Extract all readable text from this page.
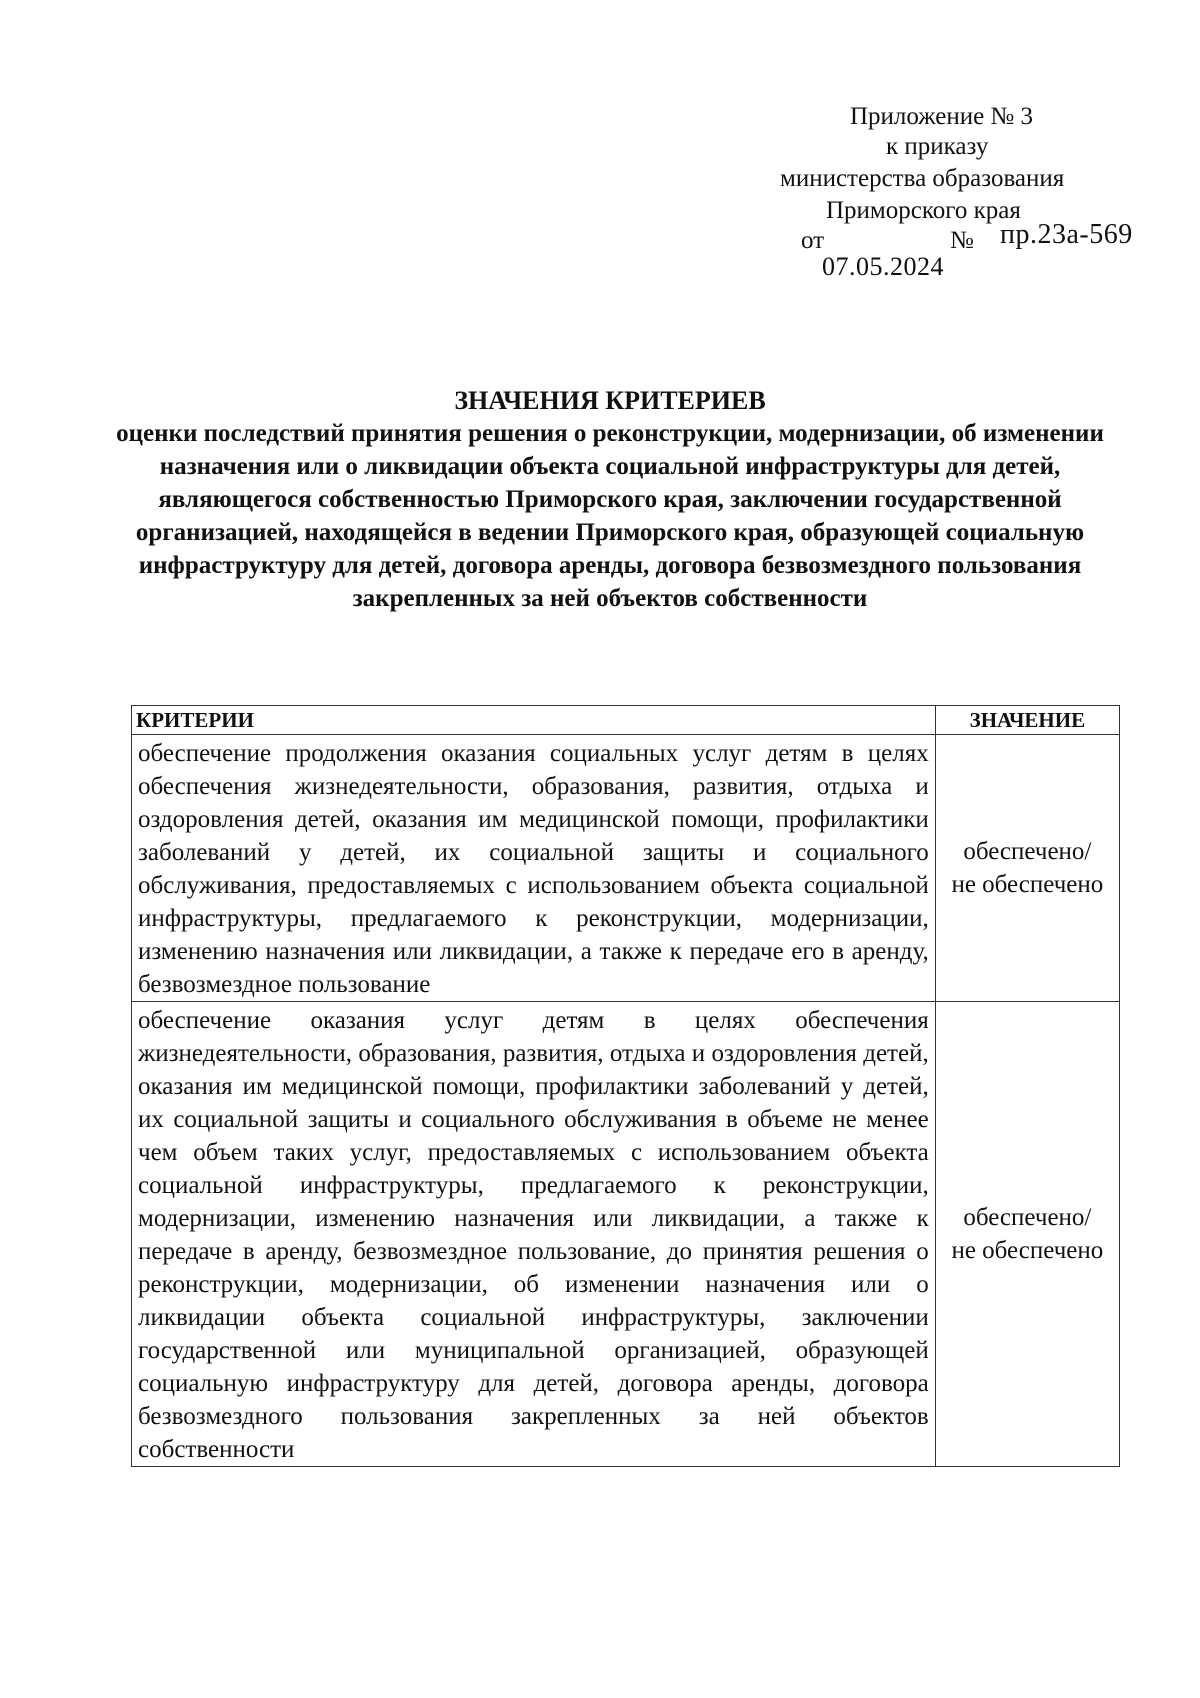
Приложение № 3
к приказу
министерства образования
Приморского края
от	№ пр.23а-569
07.05.2024
ЗНАЧЕНИЯ КРИТЕРИЕВ
оценки последствий принятия решения о реконструкции, модернизации, об изменении назначения или о ликвидации объекта социальной инфраструктуры для детей, являющегося собственностью Приморского края, заключении государственной организацией, находящейся в ведении Приморского края, образующей социальную инфраструктуру для детей, договора аренды, договора безвозмездного пользования закрепленных за ней объектов собственности
КРИТЕРИИ	ЗНАЧЕНИЕ
обеспечение продолжения оказания социальных услуг детям в целях обеспечения жизнедеятельности, образования, развития, отдыха и оздоровления детей, оказания им медицинской помощи, профилактики заболеваний у детей, их социальной защиты и социального обслуживания, предоставляемых с использованием объекта социальной инфраструктуры, предлагаемого к реконструкции, модернизации, изменению назначения или ликвидации, а также к передаче его в аренду, безвозмездное пользование	обеспечено/
не обеспечено

обеспечение оказания услуг детям в целях обеспечения жизнедеятельности, образования, развития, отдыха и оздоровления детей, оказания им медицинской помощи, профилактики заболеваний у детей, их социальной защиты и социального обслуживания в объеме не менее чем объем таких услуг, предоставляемых с использованием объекта социальной инфраструктуры, предлагаемого к реконструкции, модернизации, изменению назначения или ликвидации, а также к передаче в аренду, безвозмездное пользование, до принятия решения о реконструкции, модернизации, об изменении назначения или о ликвидации объекта социальной инфраструктуры, заключении государственной или муниципальной организацией, образующей социальную инфраструктуру для детей, договора аренды, договора безвозмездного пользования закрепленных за ней объектов собственности	обеспечено/
не обеспечено
